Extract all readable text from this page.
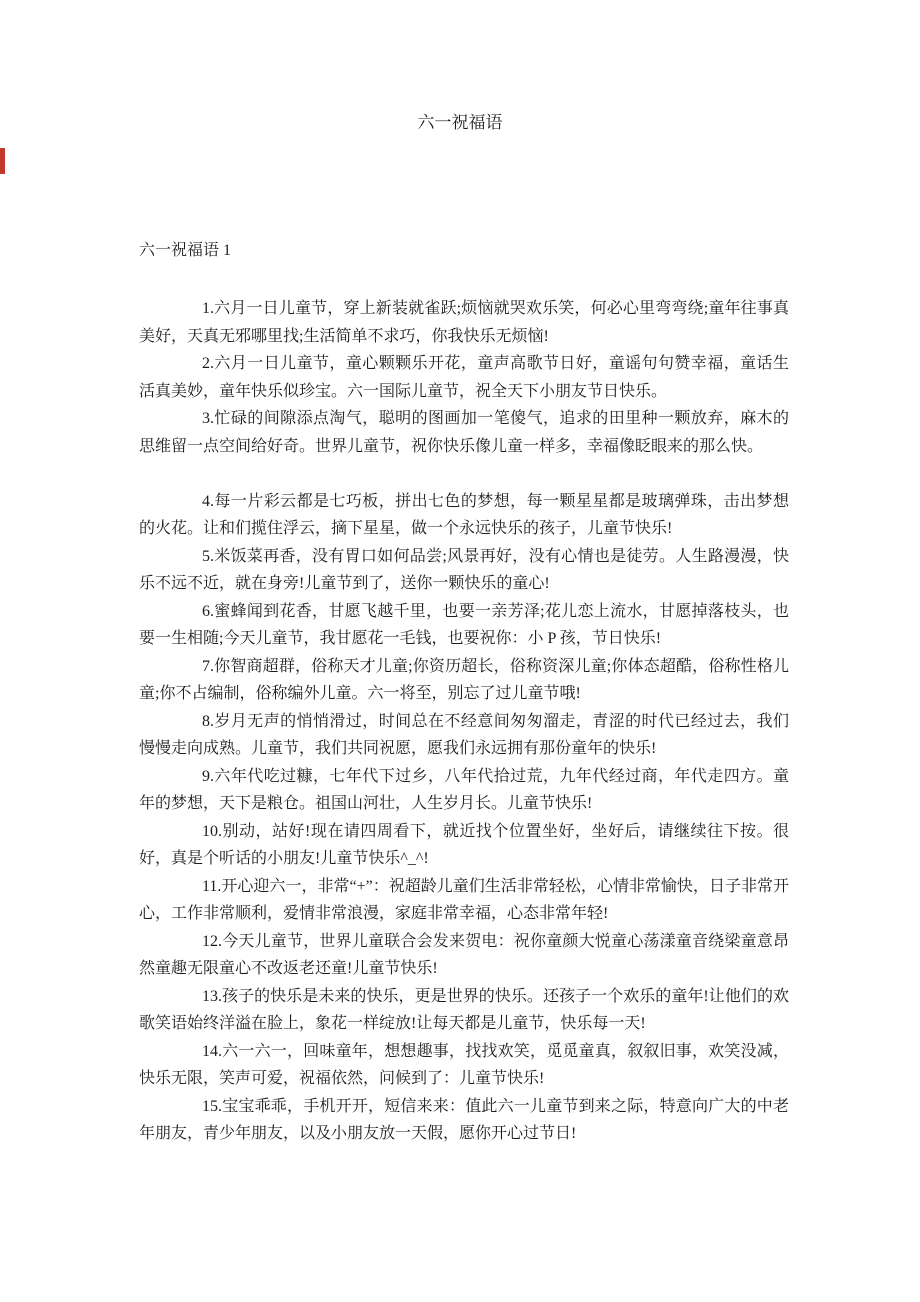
六一祝福语
六一祝福语 1

1.六月一日儿童节，穿上新装就雀跃;烦恼就哭欢乐笑，何必心里弯弯绕;童年往事真美好，天真无邪哪里找;生活简单不求巧，你我快乐无烦恼!

2.六月一日儿童节，童心颗颗乐开花，童声高歌节日好，童谣句句赞幸福，童话生活真美妙，童年快乐似珍宝。六一国际儿童节，祝全天下小朋友节日快乐。

3.忙碌的间隙添点淘气，聪明的图画加一笔傻气，追求的田里种一颗放弃，麻木的思维留一点空间给好奇。世界儿童节，祝你快乐像儿童一样多，幸福像眨眼来的那么快。

4.每一片彩云都是七巧板，拼出七色的梦想，每一颗星星都是玻璃弹珠，击出梦想的火花。让和们揽住浮云，摘下星星，做一个永远快乐的孩子，儿童节快乐!

5.米饭菜再香，没有胃口如何品尝;风景再好，没有心情也是徒劳。人生路漫漫，快乐不远不近，就在身旁!儿童节到了，送你一颗快乐的童心!

6.蜜蜂闻到花香，甘愿飞越千里，也要一亲芳泽;花儿恋上流水，甘愿掉落枝头，也要一生相随;今天儿童节，我甘愿花一毛钱，也要祝你：小 P 孩，节日快乐!

7.你智商超群，俗称天才儿童;你资历超长，俗称资深儿童;你体态超酷，俗称性格儿童;你不占编制，俗称编外儿童。六一将至，别忘了过儿童节哦!

8.岁月无声的悄悄滑过，时间总在不经意间匆匆溜走，青涩的时代已经过去，我们慢慢走向成熟。儿童节，我们共同祝愿，愿我们永远拥有那份童年的快乐!

9.六年代吃过糠，七年代下过乡，八年代拾过荒，九年代经过商，年代走四方。童年的梦想，天下是粮仓。祖国山河壮，人生岁月长。儿童节快乐!

10.别动，站好!现在请四周看下，就近找个位置坐好，坐好后，请继续往下按。很好，真是个听话的小朋友!儿童节快乐^_^!

11.开心迎六一，非常“+”：祝超龄儿童们生活非常轻松，心情非常愉快，日子非常开心，工作非常顺利，爱情非常浪漫，家庭非常幸福，心态非常年轻!

12.今天儿童节，世界儿童联合会发来贺电：祝你童颜大悦童心荡漾童音绕梁童意昂然童趣无限童心不改返老还童!儿童节快乐!

13.孩子的快乐是未来的快乐，更是世界的快乐。还孩子一个欢乐的童年!让他们的欢歌笑语始终洋溢在脸上，象花一样绽放!让每天都是儿童节，快乐每一天!

14.六一六一，回味童年，想想趣事，找找欢笑，觅觅童真，叙叙旧事，欢笑没减，快乐无限，笑声可爱，祝福依然，问候到了：儿童节快乐!

15.宝宝乖乖，手机开开，短信来来：值此六一儿童节到来之际，特意向广大的中老年朋友，青少年朋友，以及小朋友放一天假，愿你开心过节日!
